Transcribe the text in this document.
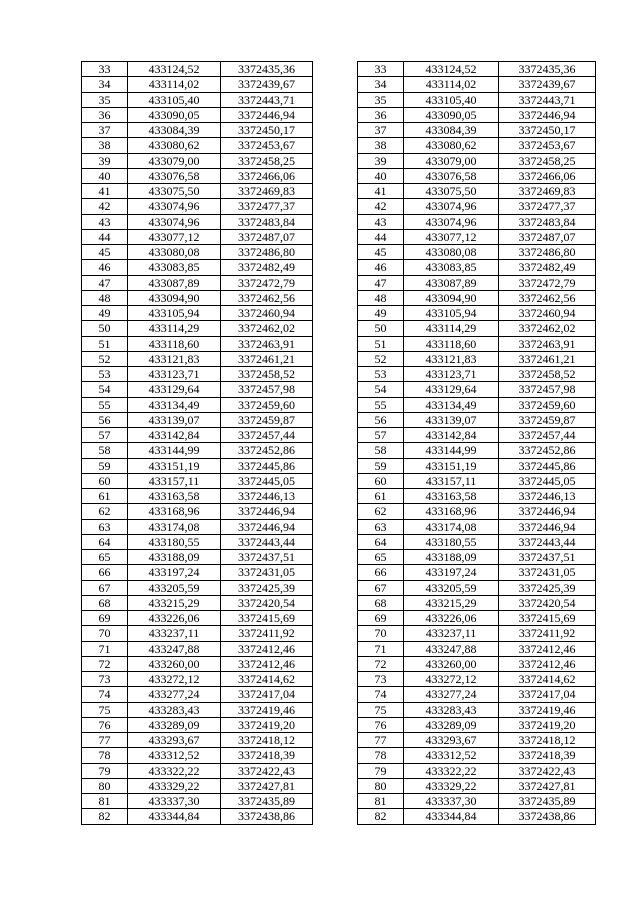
33	433124,52	3372435,36		33	433124,52	3372435,36
34	433114,02	3372439,67		34	433114,02	3372439,67
35	433105,40	3372443,71		35	433105,40	3372443,71
36	433090,05	3372446,94		36	433090,05	3372446,94
37	433084,39	3372450,17		37	433084,39	3372450,17
38	433080,62	3372453,67		38	433080,62	3372453,67
39	433079,00	3372458,25		39	433079,00	3372458,25
40	433076,58	3372466,06		40	433076,58	3372466,06
41	433075,50	3372469,83		41	433075,50	3372469,83
42	433074,96	3372477,37		42	433074,96	3372477,37
43	433074,96	3372483,84		43	433074,96	3372483,84
44	433077,12	3372487,07		44	433077,12	3372487,07
45	433080,08	3372486,80		45	433080,08	3372486,80
46	433083,85	3372482,49		46	433083,85	3372482,49
47	433087,89	3372472,79		47	433087,89	3372472,79
48	433094,90	3372462,56		48	433094,90	3372462,56
49	433105,94	3372460,94		49	433105,94	3372460,94
50	433114,29	3372462,02		50	433114,29	3372462,02
51	433118,60	3372463,91		51	433118,60	3372463,91
52	433121,83	3372461,21		52	433121,83	3372461,21
53	433123,71	3372458,52		53	433123,71	3372458,52
54	433129,64	3372457,98		54	433129,64	3372457,98
55	433134,49	3372459,60		55	433134,49	3372459,60
56	433139,07	3372459,87		56	433139,07	3372459,87
57	433142,84	3372457,44		57	433142,84	3372457,44
58	433144,99	3372452,86		58	433144,99	3372452,86
59	433151,19	3372445,86		59	433151,19	3372445,86
60	433157,11	3372445,05		60	433157,11	3372445,05
61	433163,58	3372446,13		61	433163,58	3372446,13
62	433168,96	3372446,94		62	433168,96	3372446,94
63	433174,08	3372446,94		63	433174,08	3372446,94
64	433180,55	3372443,44		64	433180,55	3372443,44
65	433188,09	3372437,51		65	433188,09	3372437,51
66	433197,24	3372431,05		66	433197,24	3372431,05
67	433205,59	3372425,39		67	433205,59	3372425,39
68	433215,29	3372420,54		68	433215,29	3372420,54
69	433226,06	3372415,69		69	433226,06	3372415,69
70	433237,11	3372411,92		70	433237,11	3372411,92
71	433247,88	3372412,46		71	433247,88	3372412,46
72	433260,00	3372412,46		72	433260,00	3372412,46
73	433272,12	3372414,62		73	433272,12	3372414,62
74	433277,24	3372417,04		74	433277,24	3372417,04
75	433283,43	3372419,46		75	433283,43	3372419,46
76	433289,09	3372419,20		76	433289,09	3372419,20
77	433293,67	3372418,12		77	433293,67	3372418,12
78	433312,52	3372418,39		78	433312,52	3372418,39
79	433322,22	3372422,43		79	433322,22	3372422,43
80	433329,22	3372427,81		80	433329,22	3372427,81
81	433337,30	3372435,89		81	433337,30	3372435,89
82	433344,84	3372438,86		82	433344,84	3372438,86
